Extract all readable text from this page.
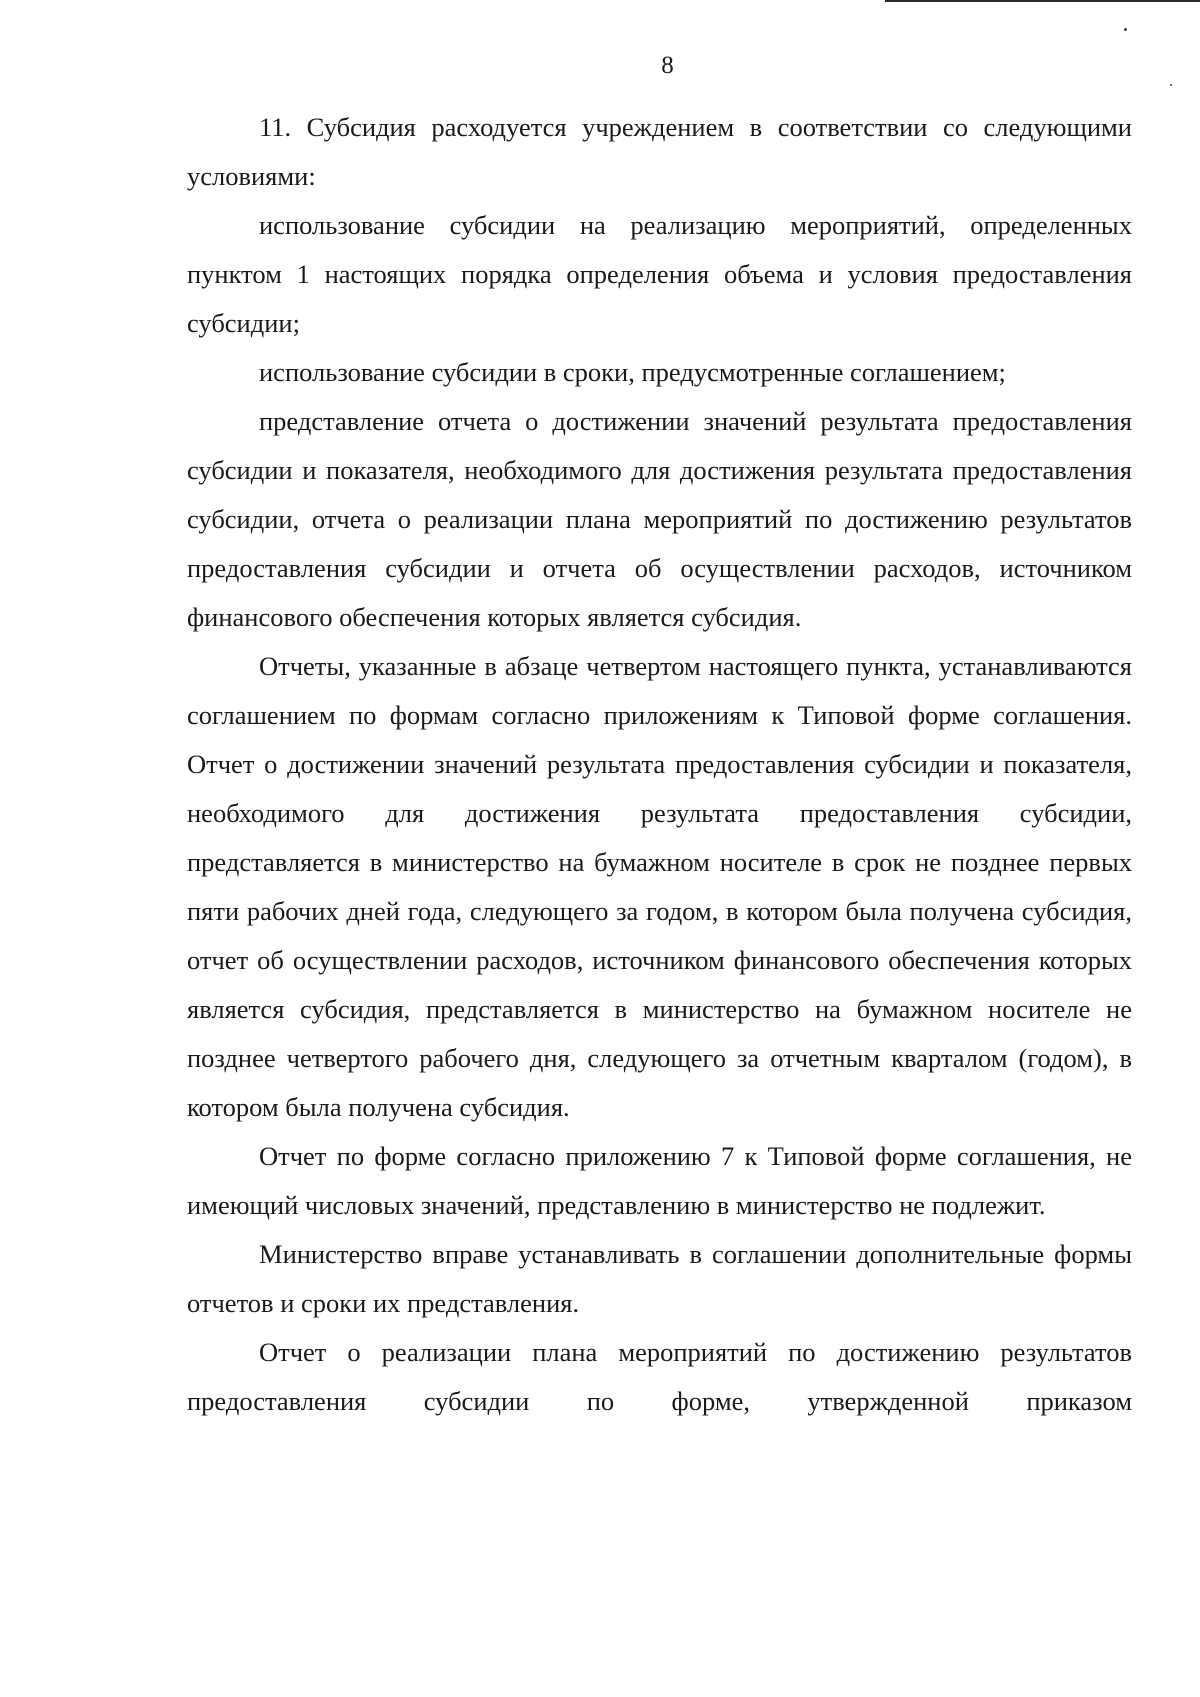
8

11. Субсидия расходуется учреждением в соответствии со следующими условиями:

использование субсидии на реализацию мероприятий, определенных пунктом 1 настоящих порядка определения объема и условия предоставления субсидии;

использование субсидии в сроки, предусмотренные соглашением;

представление отчета о достижении значений результата предоставления субсидии и показателя, необходимого для достижения результата предоставления субсидии, отчета о реализации плана мероприятий по достижению результатов предоставления субсидии и отчета об осуществлении расходов, источником финансового обеспечения которых является субсидия.

Отчеты, указанные в абзаце четвертом настоящего пункта, устанавливаются соглашением по формам согласно приложениям к Типовой форме соглашения. Отчет о достижении значений результата предоставления субсидии и показателя, необходимого для достижения результата предоставления субсидии, представляется в министерство на бумажном носителе в срок не позднее первых пяти рабочих дней года, следующего за годом, в котором была получена субсидия, отчет об осуществлении расходов, источником финансового обеспечения которых является субсидия, представляется в министерство на бумажном носителе не позднее четвертого рабочего дня, следующего за отчетным кварталом (годом), в котором была получена субсидия.

Отчет по форме согласно приложению 7 к Типовой форме соглашения, не имеющий числовых значений, представлению в министерство не подлежит.

Министерство вправе устанавливать в соглашении дополнительные формы отчетов и сроки их представления.

Отчет о реализации плана мероприятий по достижению результатов предоставления субсидии по форме, утвержденной приказом
